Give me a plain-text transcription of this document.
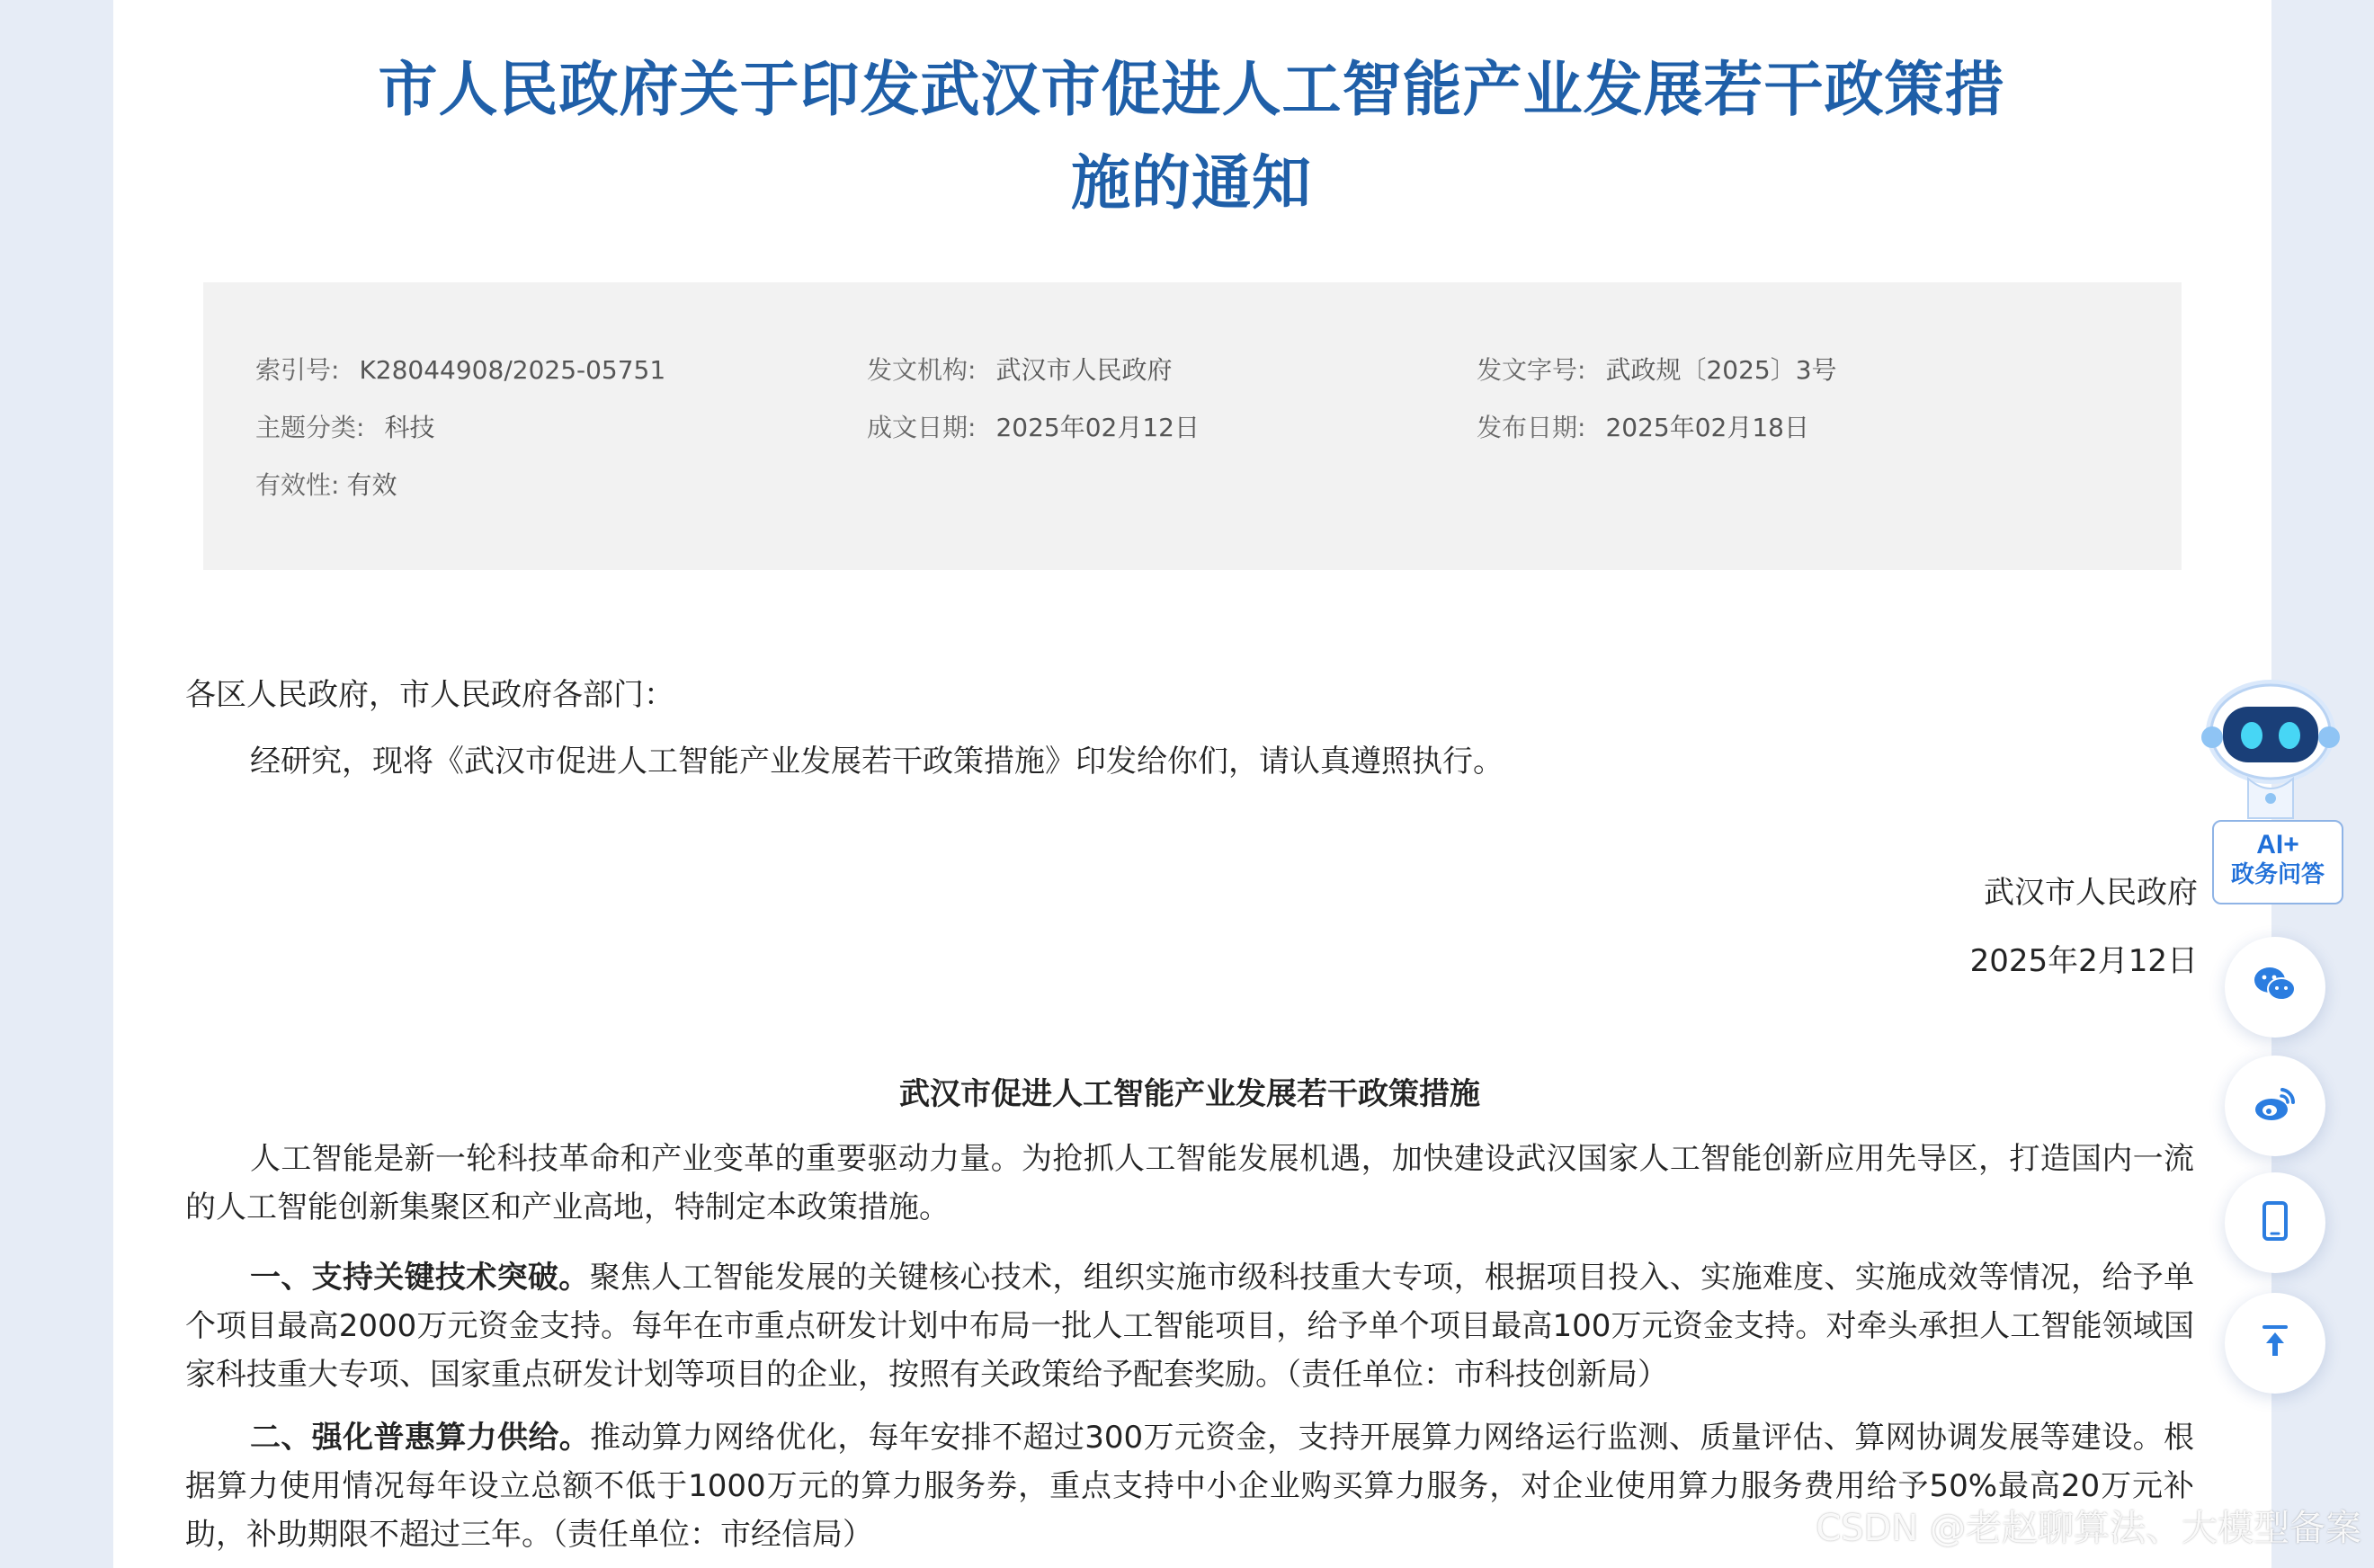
市人民政府关于印发武汉市促进人工智能产业发展若干政策措
施的通知
索引号: K28044908/2025-05751	发文机构: 武汉市人民政府	发文字号: 武政规〔2025〕3号
主题分类: 科技	成文日期: 2025年02月12日	发布日期: 2025年02月18日
有效性: 有效
各区人民政府，市人民政府各部门：
经研究，现将《武汉市促进人工智能产业发展若干政策措施》印发给你们，请认真遵照执行。
武汉市人民政府
2025年2月12日
武汉市促进人工智能产业发展若干政策措施

人工智能是新一轮科技革命和产业变革的重要驱动力量。为抢抓人工智能发展机遇，加快建设武汉国家人工智能创新应用先导区，打造国内一流的人工智能创新集聚区和产业高地，特制定本政策措施。

一、支持关键技术突破。聚焦人工智能发展的关键核心技术，组织实施市级科技重大专项，根据项目投入、实施难度、实施成效等情况，给予单个项目最高2000万元资金支持。每年在市重点研发计划中布局一批人工智能项目，给予单个项目最高100万元资金支持。对牵头承担人工智能领域国家科技重大专项、国家重点研发计划等项目的企业，按照有关政策给予配套奖励。（责任单位：市科技创新局）

二、强化普惠算力供给。推动算力网络优化，每年安排不超过300万元资金，支持开展算力网络运行监测、质量评估、算网协调发展等建设。根据算力使用情况每年设立总额不低于1000万元的算力服务券，重点支持中小企业购买算力服务，对企业使用算力服务费用给予50%最高20万元补助，补助期限不超过三年。（责任单位：市经信局）

AI+
政务问答
CSDN @老赵聊算法、大模型备案
